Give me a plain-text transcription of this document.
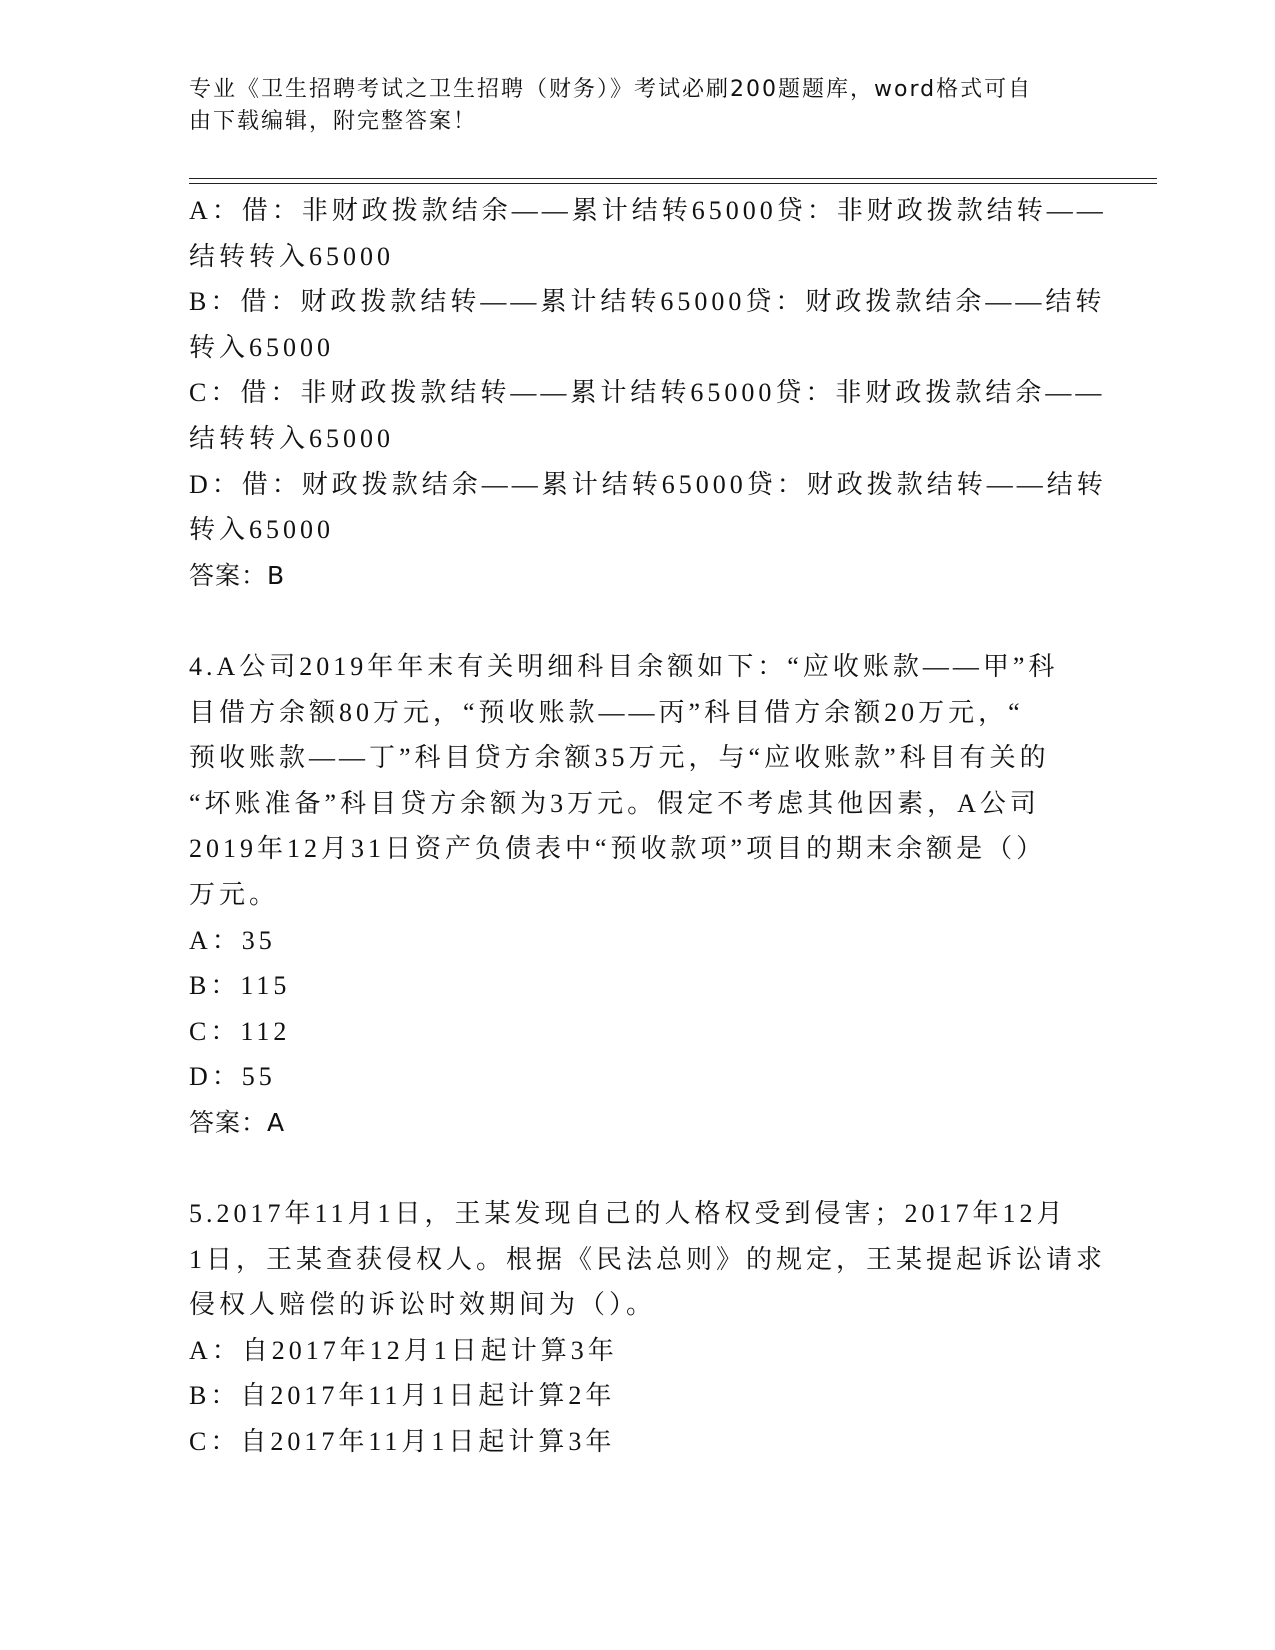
专业《卫生招聘考试之卫生招聘（财务）》考试必刷200题题库，word格式可自
由下载编辑，附完整答案！
A：借：非财政拨款结余——累计结转65000贷：非财政拨款结转——
结转转入65000
B：借：财政拨款结转——累计结转65000贷：财政拨款结余——结转
转入65000
C：借：非财政拨款结转——累计结转65000贷：非财政拨款结余——
结转转入65000
D：借：财政拨款结余——累计结转65000贷：财政拨款结转——结转
转入65000
答案：B
4.A公司2019年年末有关明细科目余额如下：“应收账款——甲”科
目借方余额80万元，“预收账款——丙”科目借方余额20万元，“
预收账款——丁”科目贷方余额35万元，与“应收账款”科目有关的
“坏账准备”科目贷方余额为3万元。假定不考虑其他因素，A公司
2019年12月31日资产负债表中“预收款项”项目的期末余额是（）
万元。
A：35
B：115
C：112
D：55
答案：A
5.2017年11月1日，王某发现自己的人格权受到侵害；2017年12月
1日，王某查获侵权人。根据《民法总则》的规定，王某提起诉讼请求
侵权人赔偿的诉讼时效期间为（）。
A：自2017年12月1日起计算3年
B：自2017年11月1日起计算2年
C：自2017年11月1日起计算3年
